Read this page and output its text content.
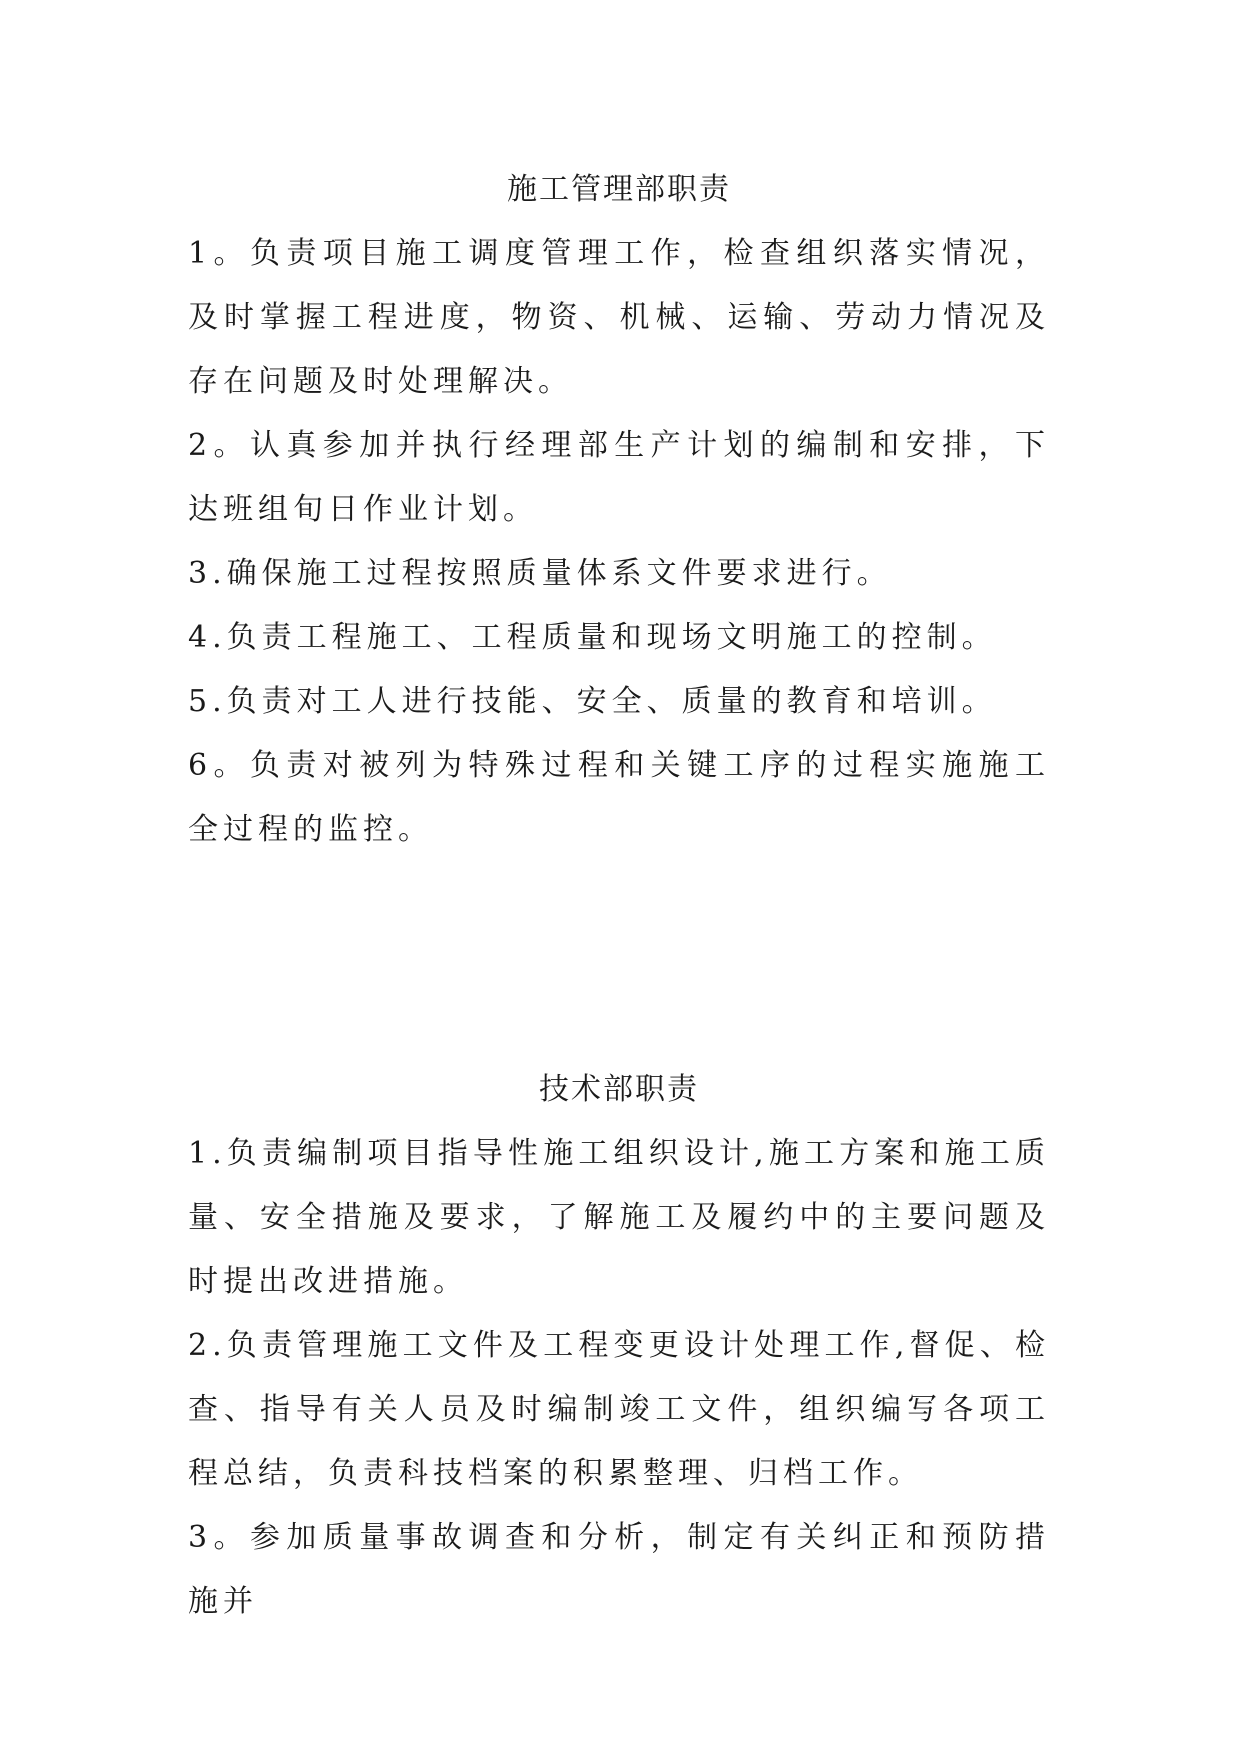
施工管理部职责

1。负责项目施工调度管理工作，检查组织落实情况，及时掌握工程进度，物资、机械、运输、劳动力情况及存在问题及时处理解决。

2。认真参加并执行经理部生产计划的编制和安排，下达班组旬日作业计划。

3.确保施工过程按照质量体系文件要求进行。

4.负责工程施工、工程质量和现场文明施工的控制。

5.负责对工人进行技能、安全、质量的教育和培训。

6。负责对被列为特殊过程和关键工序的过程实施施工全过程的监控。

技术部职责

1.负责编制项目指导性施工组织设计,施工方案和施工质量、安全措施及要求，了解施工及履约中的主要问题及时提出改进措施。

2.负责管理施工文件及工程变更设计处理工作,督促、检查、指导有关人员及时编制竣工文件，组织编写各项工程总结，负责科技档案的积累整理、归档工作。

3。参加质量事故调查和分析，制定有关纠正和预防措施并
